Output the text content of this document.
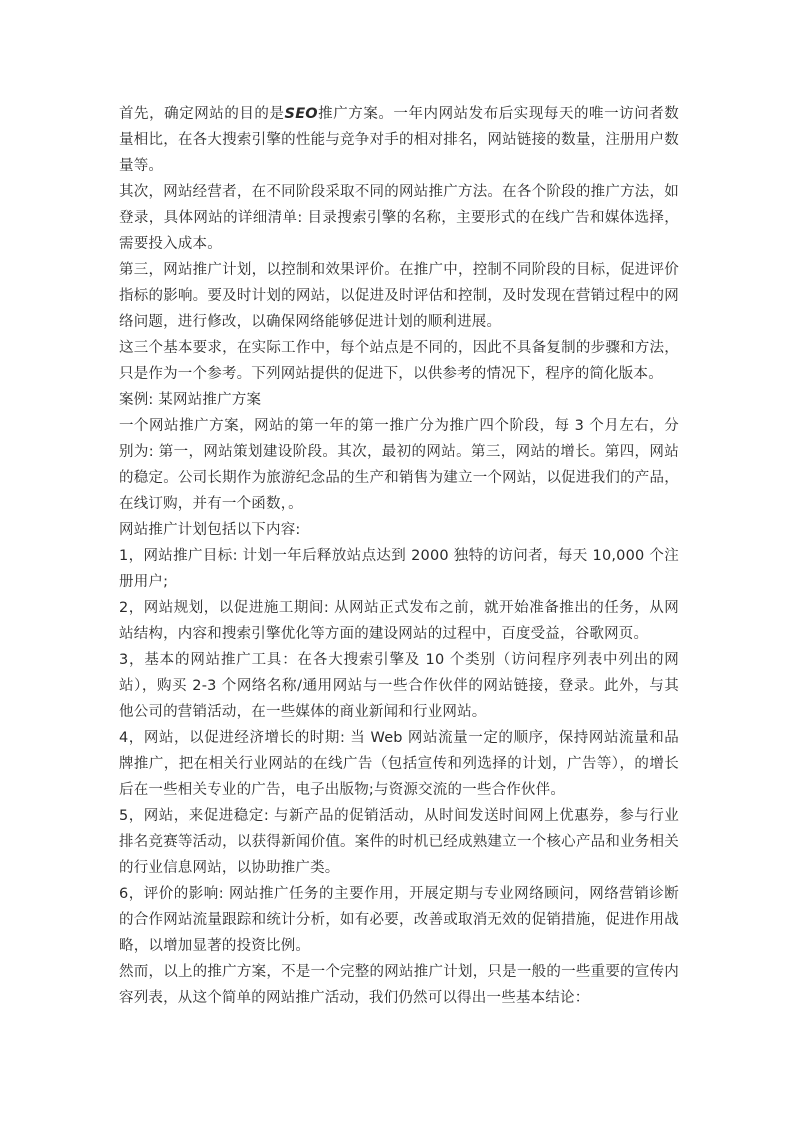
首先，确定网站的目的是SEO推广方案。一年内网站发布后实现每天的唯一访问者数量相比，在各大搜索引擎的性能与竞争对手的相对排名，网站链接的数量，注册用户数量等。

其次，网站经营者，在不同阶段采取不同的网站推广方法。在各个阶段的推广方法，如登录，具体网站的详细清单: 目录搜索引擎的名称，主要形式的在线广告和媒体选择，需要投入成本。

第三，网站推广计划，以控制和效果评价。在推广中，控制不同阶段的目标，促进评价指标的影响。要及时计划的网站，以促进及时评估和控制，及时发现在营销过程中的网络问题，进行修改，以确保网络能够促进计划的顺利进展。

这三个基本要求，在实际工作中，每个站点是不同的，因此不具备复制的步骤和方法，只是作为一个参考。下列网站提供的促进下，以供参考的情况下，程序的简化版本。

案例: 某网站推广方案

一个网站推广方案，网站的第一年的第一推广分为推广四个阶段，每 3 个月左右，分别为: 第一，网站策划建设阶段。其次，最初的网站。第三，网站的增长。第四，网站的稳定。公司长期作为旅游纪念品的生产和销售为建立一个网站，以促进我们的产品，在线订购，并有一个函数，。

网站推广计划包括以下内容:

1，网站推广目标: 计划一年后释放站点达到 2000 独特的访问者，每天 10,000 个注册用户;

2，网站规划，以促进施工期间: 从网站正式发布之前，就开始准备推出的任务，从网站结构，内容和搜索引擎优化等方面的建设网站的过程中，百度受益，谷歌网页。

3，基本的网站推广工具：在各大搜索引擎及 10 个类别（访问程序列表中列出的网站），购买 2-3 个网络名称/通用网站与一些合作伙伴的网站链接，登录。此外，与其他公司的营销活动，在一些媒体的商业新闻和行业网站。

4，网站，以促进经济增长的时期: 当 Web 网站流量一定的顺序，保持网站流量和品牌推广，把在相关行业网站的在线广告（包括宣传和列选择的计划，广告等），的增长后在一些相关专业的广告，电子出版物;与资源交流的一些合作伙伴。

5，网站，来促进稳定: 与新产品的促销活动，从时间发送时间网上优惠券，参与行业排名竞赛等活动，以获得新闻价值。案件的时机已经成熟建立一个核心产品和业务相关的行业信息网站，以协助推广类。

6，评价的影响: 网站推广任务的主要作用，开展定期与专业网络顾问，网络营销诊断的合作网站流量跟踪和统计分析，如有必要，改善或取消无效的促销措施，促进作用战略，以增加显著的投资比例。

然而，以上的推广方案，不是一个完整的网站推广计划，只是一般的一些重要的宣传内容列表，从这个简单的网站推广活动，我们仍然可以得出一些基本结论：
